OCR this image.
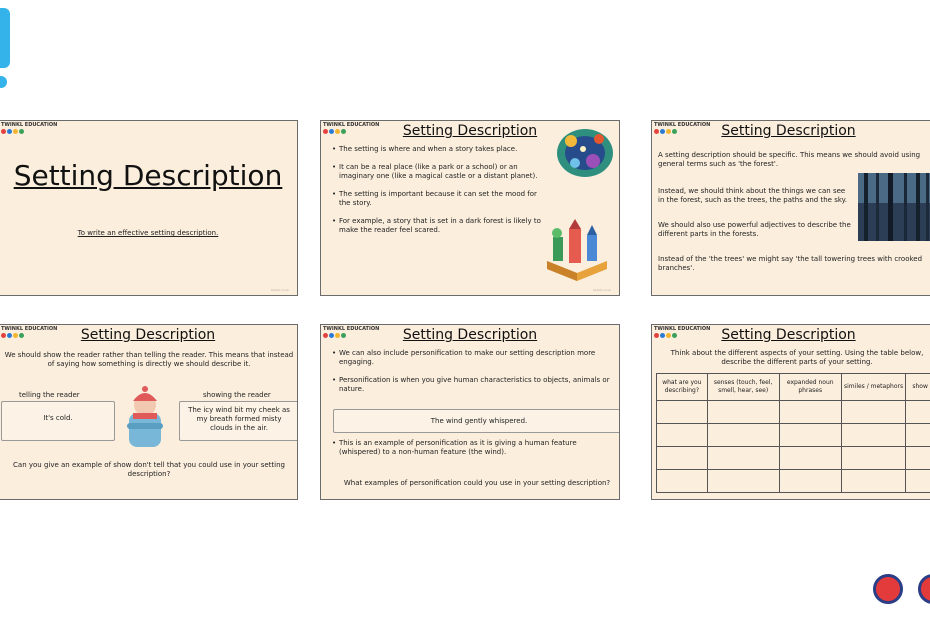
TWINKL EDUCATION
Setting Description
To write an effective setting description.
twinkl.co.uk
TWINKL EDUCATION	Setting Description
• The setting is where and when a story takes place.
• It can be a real place (like a park or a school) or an imaginary one (like a magical castle or a distant planet).
• The setting is important because it can set the mood for the story.
• For example, a story that is set in a dark forest is likely to make the reader feel scared.
twinkl.co.uk
TWINKL EDUCATION Setting Description
A setting description should be specific. This means we should avoid using general terms such as 'the forest'.
Instead, we should think about the things we can see in the forest, such as the trees, the paths and the sky.
We should also use powerful adjectives to describe the different parts in the forests.
Instead of the 'the trees' we might say 'the tall towering trees with crooked branches'.
TWINKL EDUCATION	Setting Description
We should show the reader rather than telling the reader. This means that instead of saying how something is directly we should describe it.
telling the reader	showing the reader
It's cold.
The icy wind bit my cheek as my breath formed misty clouds in the air.
Can you give an example of show don't tell that you could use in your setting description?
TWINKL EDUCATION	Setting Description
• We can also include personification to make our setting description more engaging.
• Personification is when you give human characteristics to objects, animals or nature.
The wind gently whispered.
• This is an example of personification as it is giving a human feature (whispered) to a non-human feature (the wind).
What examples of personification could you use in your setting description?
TWINKL EDUCATION Setting Description
Think about the different aspects of your setting. Using the table below, describe the different parts of your setting.
what are you describing?	senses (touch, feel, smell, hear, see)	expanded noun phrases	similes / metaphors	show
